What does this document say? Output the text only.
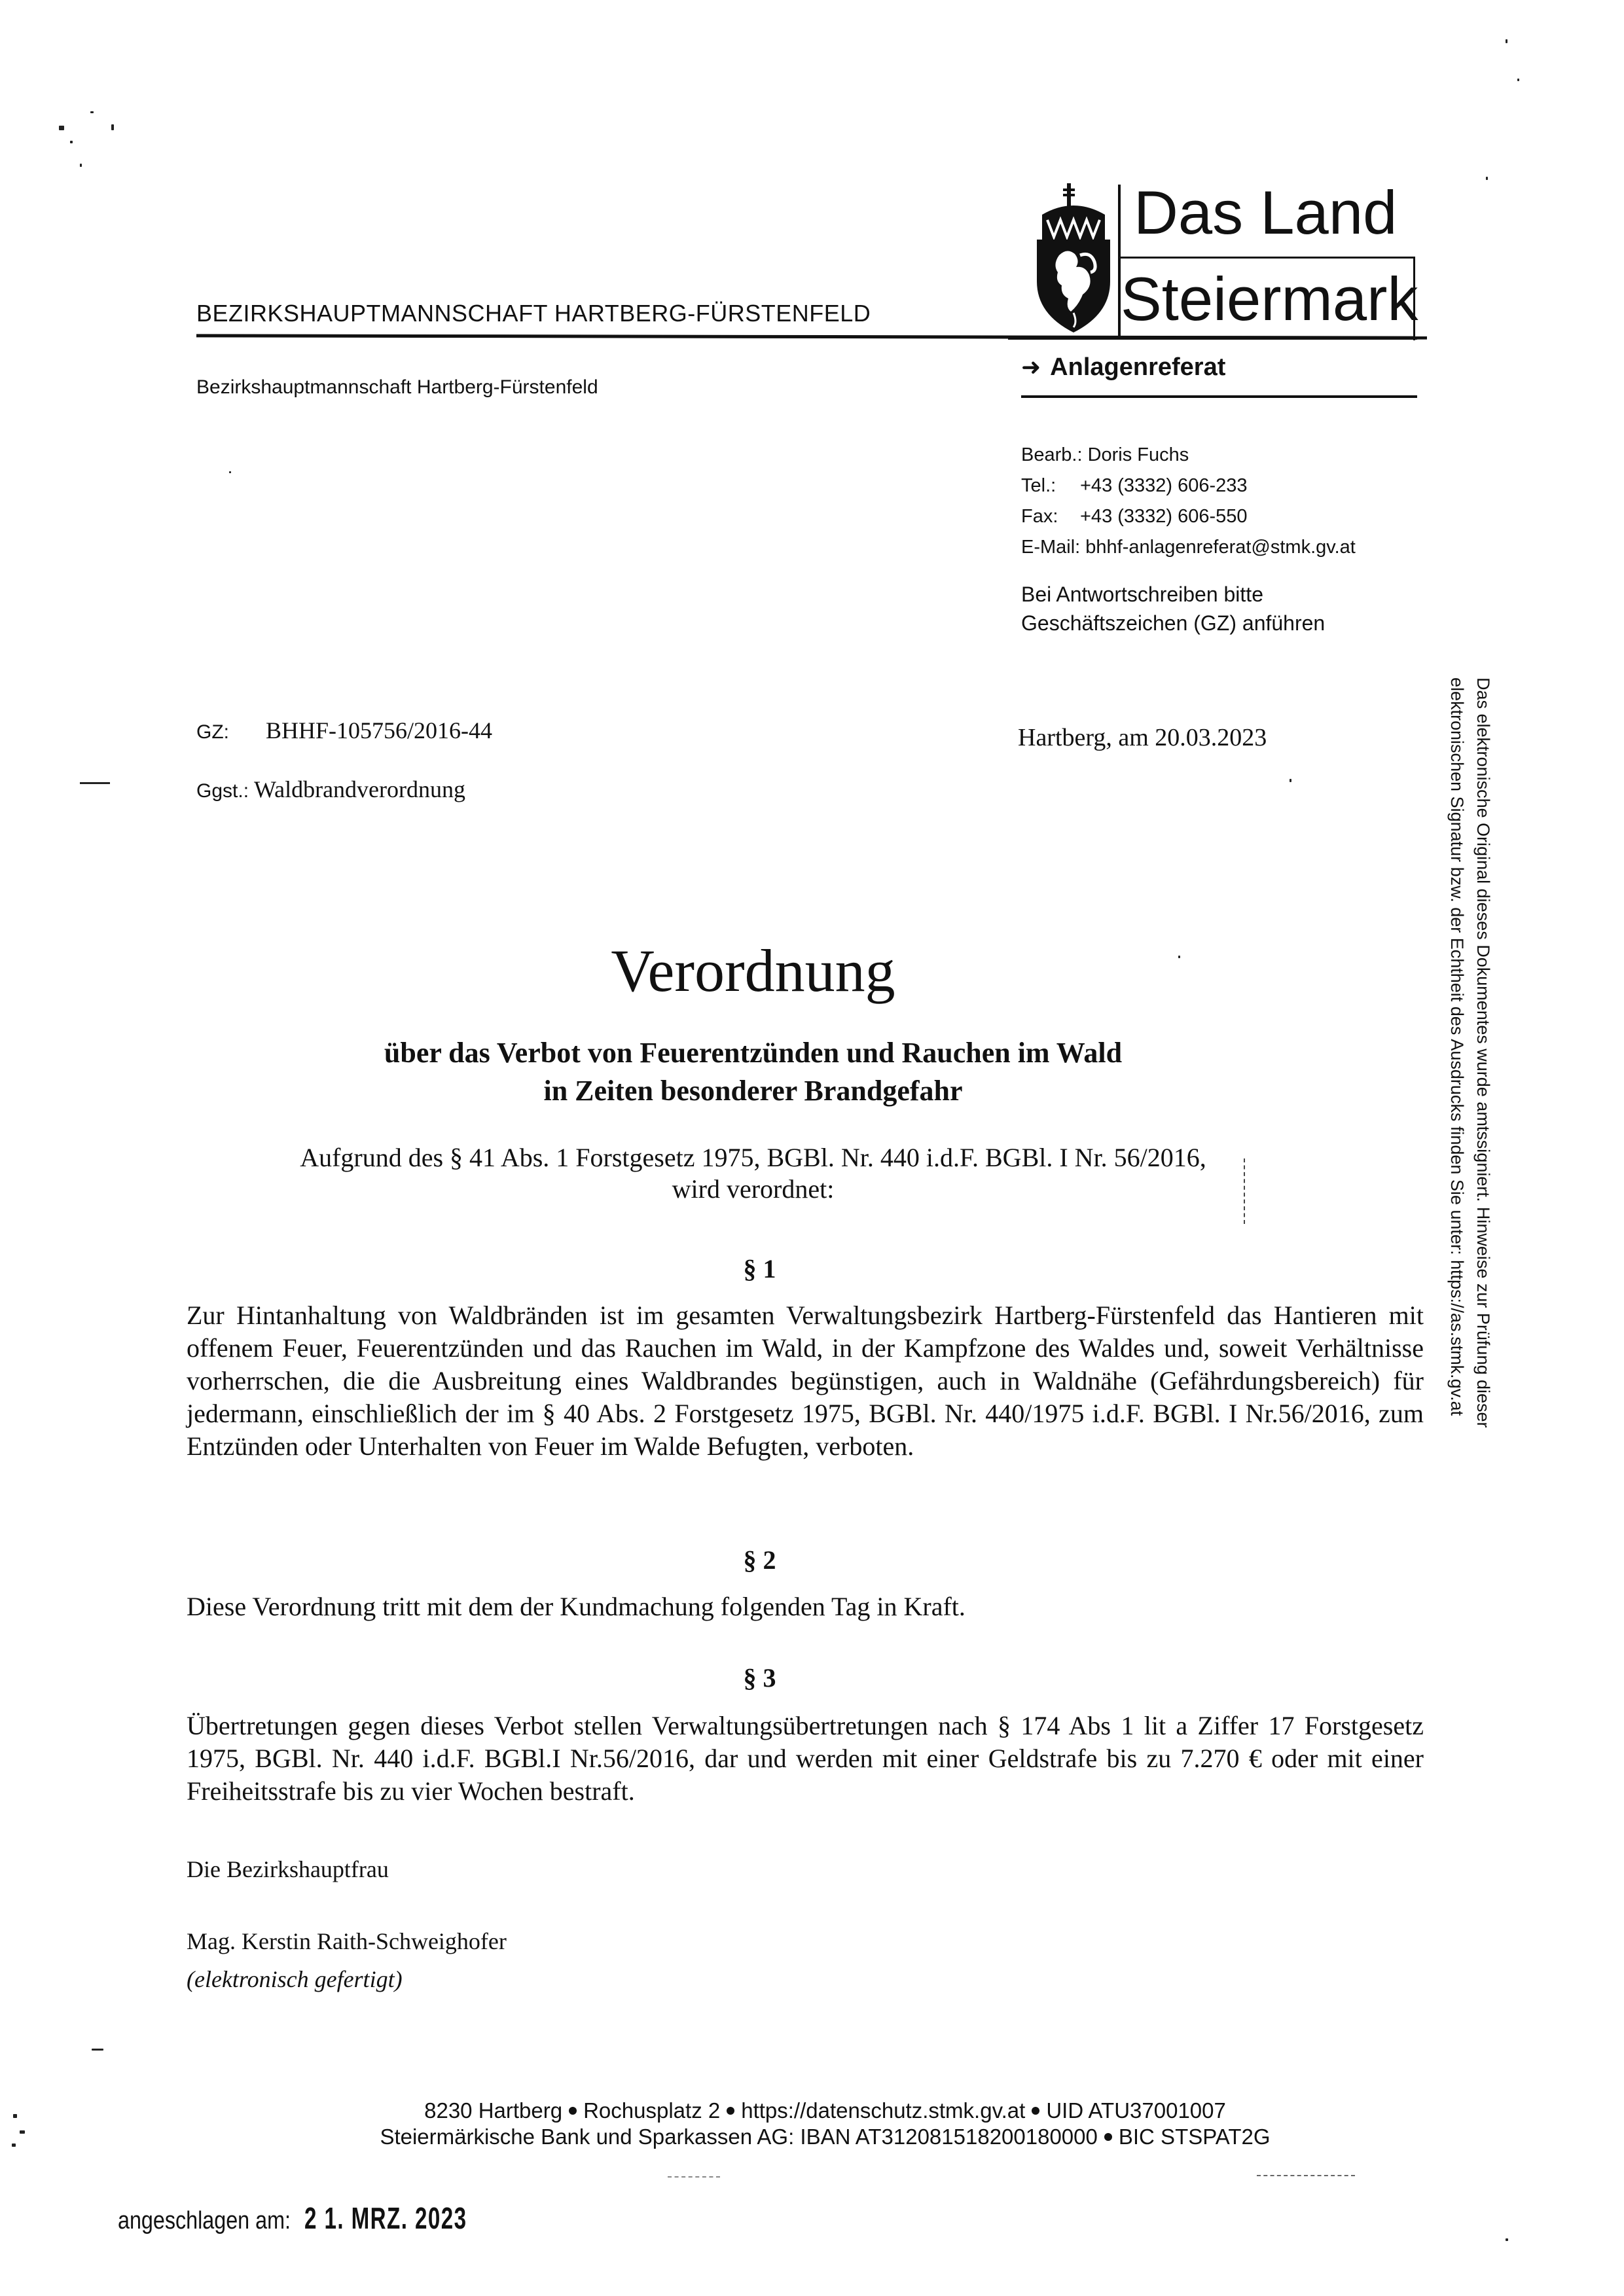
BEZIRKSHAUPTMANNSCHAFT HARTBERG-FÜRSTENFELD
Bezirkshauptmannschaft Hartberg-Fürstenfeld
Das Land
Steiermark
➜ Anlagenreferat
Bearb.: Doris Fuchs
Tel.: +43 (3332) 606-233
Fax: +43 (3332) 606-550
E-Mail: bhhf-anlagenreferat@stmk.gv.at
Bei Antwortschreiben bitte
Geschäftszeichen (GZ) anführen
Das elektronische Original dieses Dokumentes wurde amtssigniert. Hinweise zur Prüfung dieser
elektronischen Signatur bzw. der Echtheit des Ausdrucks finden Sie unter: https://as.stmk.gv.at
GZ: BHHF-105756/2016-44
Ggst.: Waldbrandverordnung
Hartberg, am 20.03.2023
Verordnung
über das Verbot von Feuerentzünden und Rauchen im Wald
in Zeiten besonderer Brandgefahr
Aufgrund des § 41 Abs. 1 Forstgesetz 1975, BGBl. Nr. 440 i.d.F. BGBl. I Nr. 56/2016,
wird verordnet:
§ 1
Zur Hintanhaltung von Waldbränden ist im gesamten Verwaltungsbezirk Hartberg-Fürstenfeld das Hantieren mit offenem Feuer, Feuerentzünden und das Rauchen im Wald, in der Kampfzone des Waldes und, soweit Verhältnisse vorherrschen, die die Ausbreitung eines Waldbrandes begünstigen, auch in Waldnähe (Gefährdungsbereich) für jedermann, einschließlich der im § 40 Abs. 2 Forstgesetz 1975, BGBl. Nr. 440/1975 i.d.F. BGBl. I Nr.56/2016, zum Entzünden oder Unterhalten von Feuer im Walde Befugten, verboten.
§ 2
Diese Verordnung tritt mit dem der Kundmachung folgenden Tag in Kraft.
§ 3
Übertretungen gegen dieses Verbot stellen Verwaltungsübertretungen nach § 174 Abs 1 lit a Ziffer 17 Forstgesetz 1975, BGBl. Nr. 440 i.d.F. BGBl.I Nr.56/2016, dar und werden mit einer Geldstrafe bis zu 7.270 € oder mit einer Freiheitsstrafe bis zu vier Wochen bestraft.
Die Bezirkshauptfrau
Mag. Kerstin Raith-Schweighofer
(elektronisch gefertigt)
8230 Hartberg Rochusplatz 2 https://datenschutz.stmk.gv.at UID ATU37001007
Steiermärkische Bank und Sparkassen AG: IBAN AT312081518200180000 BIC STSPAT2G
angeschlagen am: 2 1. MRZ. 2023
